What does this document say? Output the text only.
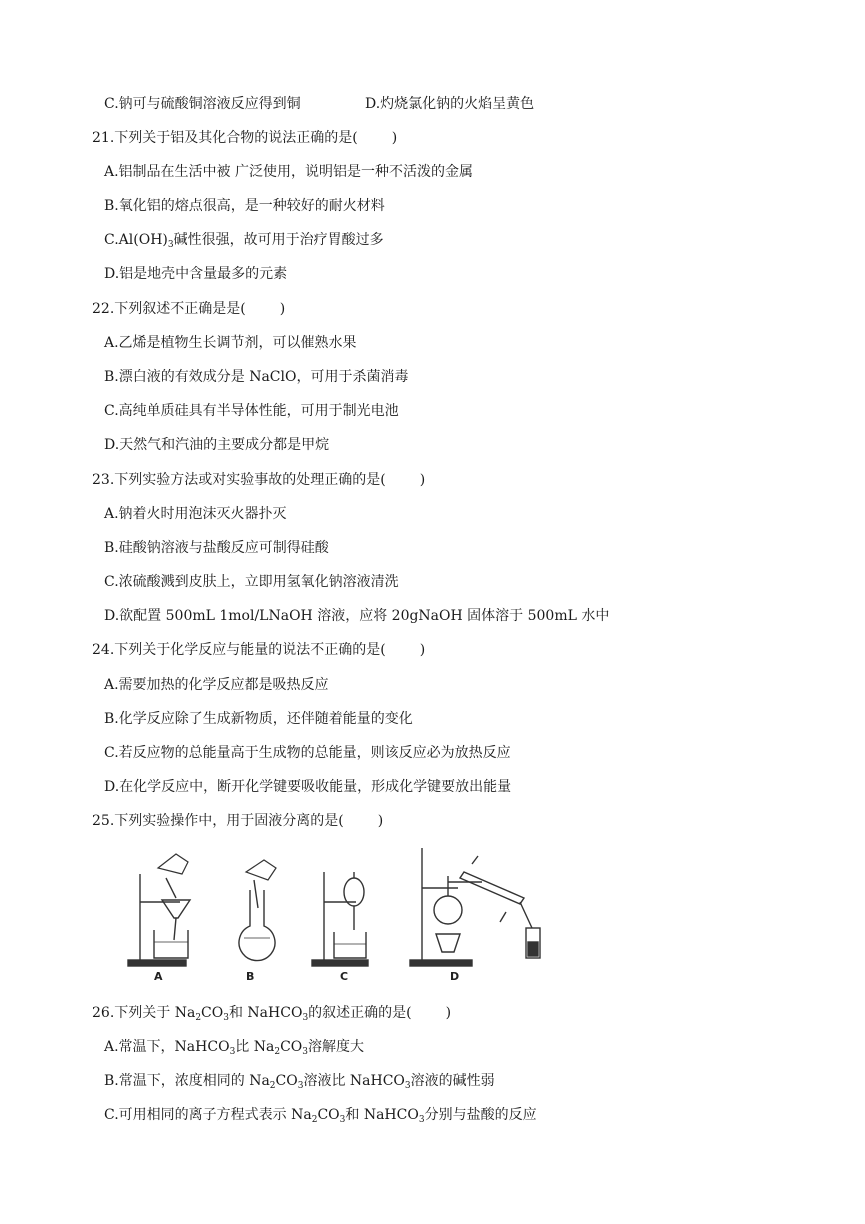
C.钠可与硫酸铜溶液反应得到铜	D.灼烧氯化钠的火焰呈黄色
21.下列关于铝及其化合物的说法正确的是( )
A.铝制品在生活中被 广泛使用，说明铝是一种不活泼的金属
B.氧化铝的熔点很高，是一种较好的耐火材料
$C.Al(OH)_3$碱性很强，故可用于治疗胃酸过多
D.铝是地壳中含量最多的元素
22.下列叙述不正确是是( )
A.乙烯是植物生长调节剂，可以催熟水果
B.漂白液的有效成分是 NaClO，可用于杀菌消毒
C.高纯单质硅具有半导体性能，可用于制光电池
D.天然气和汽油的主要成分都是甲烷
23.下列实验方法或对实验事故的处理正确的是( )
A.钠着火时用泡沫灭火器扑灭
B.硅酸钠溶液与盐酸反应可制得硅酸
C.浓硫酸溅到皮肤上，立即用氢氧化钠溶液清洗
D.欲配置 500mL 1mol/LNaOH 溶液，应将 20gNaOH 固体溶于 500mL 水中
24.下列关于化学反应与能量的说法不正确的是( )
A.需要加热的化学反应都是吸热反应
B.化学反应除了生成新物质，还伴随着能量的变化
C.若反应物的总能量高于生成物的总能量，则该反应必为放热反应
D.在化学反应中，断开化学键要吸收能量，形成化学键要放出能量
25.下列实验操作中，用于固液分离的是( )
A	B	C	D
26.下列关于 $Na_2CO_3$和 NaHCO$_3$的叙述正确的是( )
A.常温下，NaHCO$_3$比 $Na_2CO_3$溶解度大
B.常温下，浓度相同的 $Na_2CO_3$溶液比 NaHCO$_3$溶液的碱性弱
C.可用相同的离子方程式表示 $Na_2CO_3$和 NaHCO$_3$分别与盐酸的反应
